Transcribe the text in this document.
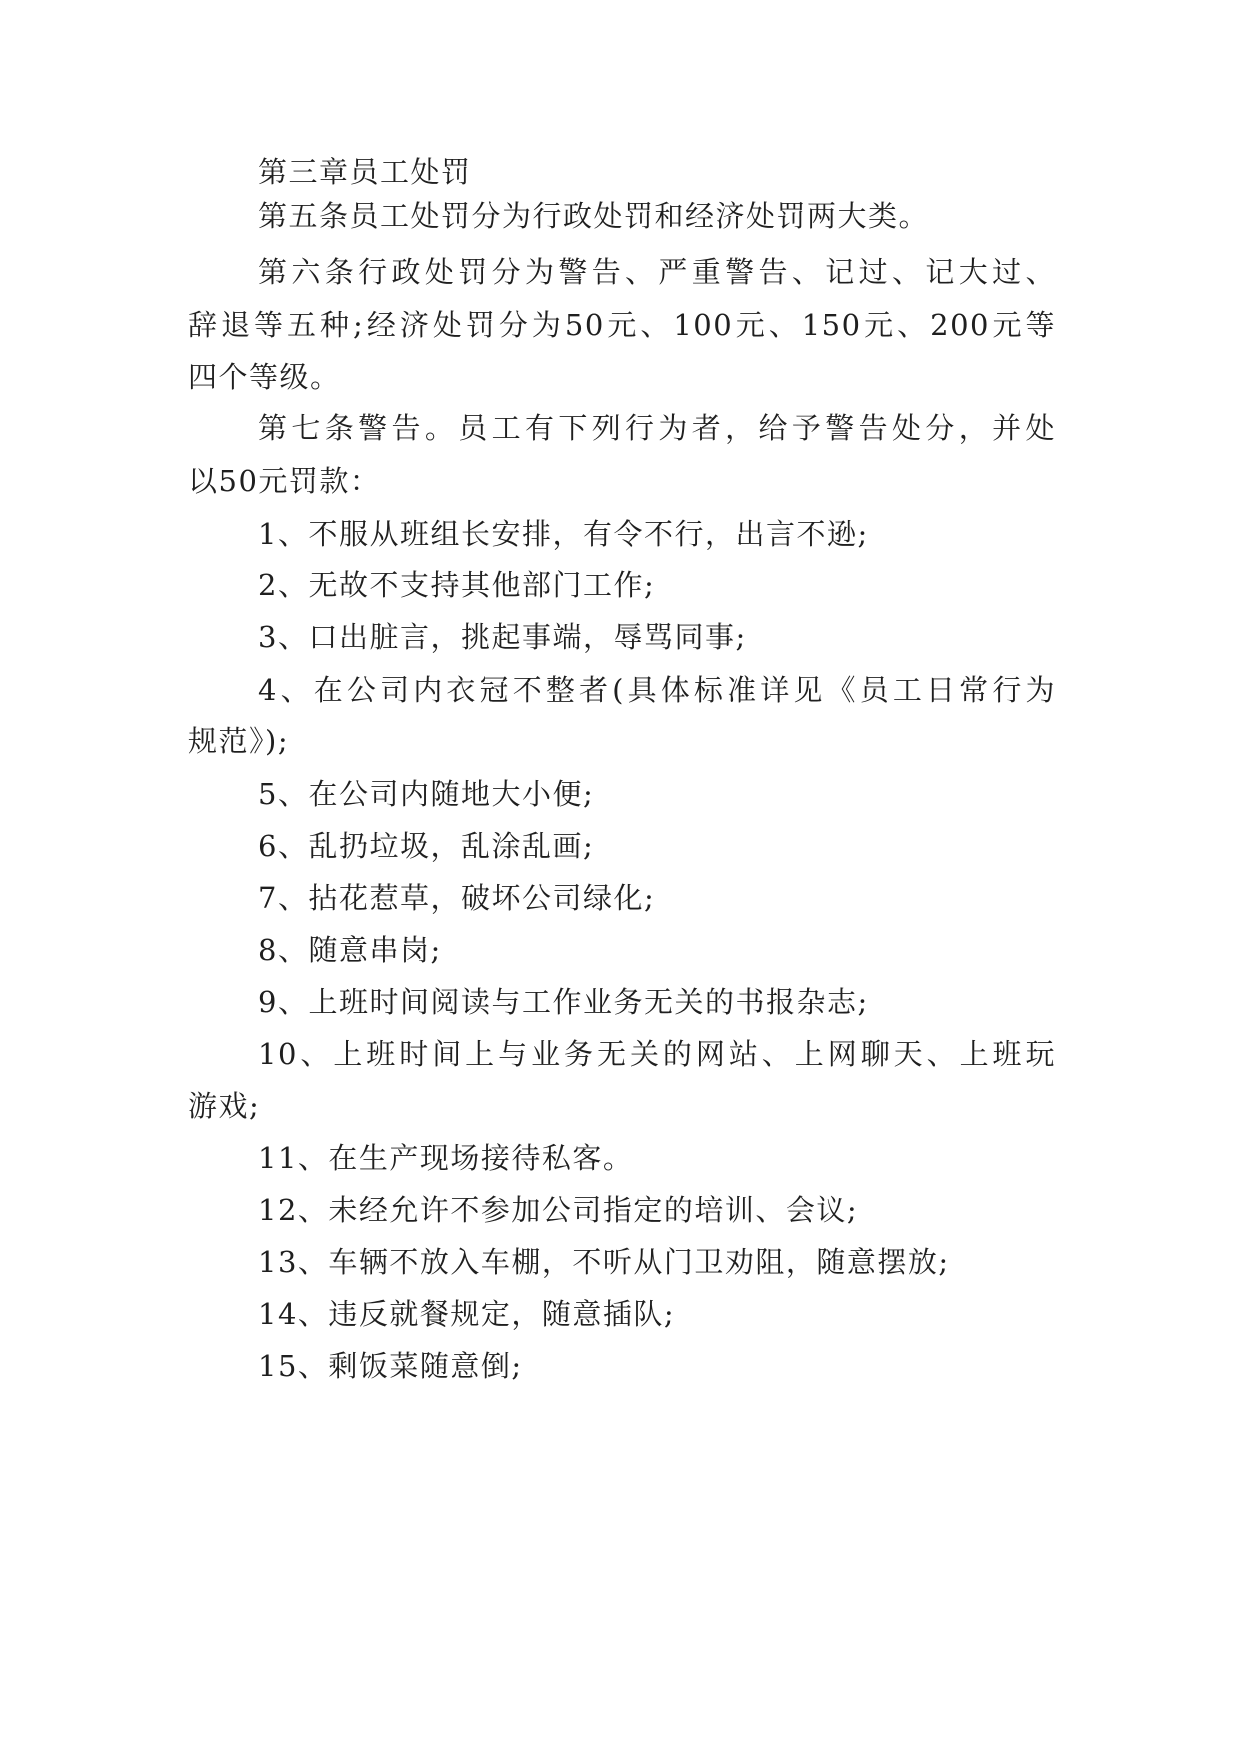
第三章员工处罚

第五条员工处罚分为行政处罚和经济处罚两大类。

第六条行政处罚分为警告、严重警告、记过、记大过、

辞退等五种;经济处罚分为50元、100元、150元、200元等

四个等级。

第七条警告。员工有下列行为者，给予警告处分，并处

以50元罚款：

1、不服从班组长安排，有令不行，出言不逊;

2、无故不支持其他部门工作;

3、口出脏言，挑起事端，辱骂同事;

4、在公司内衣冠不整者(具体标准详见《员工日常行为

规范》);

5、在公司内随地大小便;

6、乱扔垃圾，乱涂乱画;

7、拈花惹草，破坏公司绿化;

8、随意串岗;

9、上班时间阅读与工作业务无关的书报杂志;

10、上班时间上与业务无关的网站、上网聊天、上班玩

游戏;

11、在生产现场接待私客。

12、未经允许不参加公司指定的培训、会议;

13、车辆不放入车棚，不听从门卫劝阻，随意摆放;

14、违反就餐规定，随意插队;

15、剩饭菜随意倒;
